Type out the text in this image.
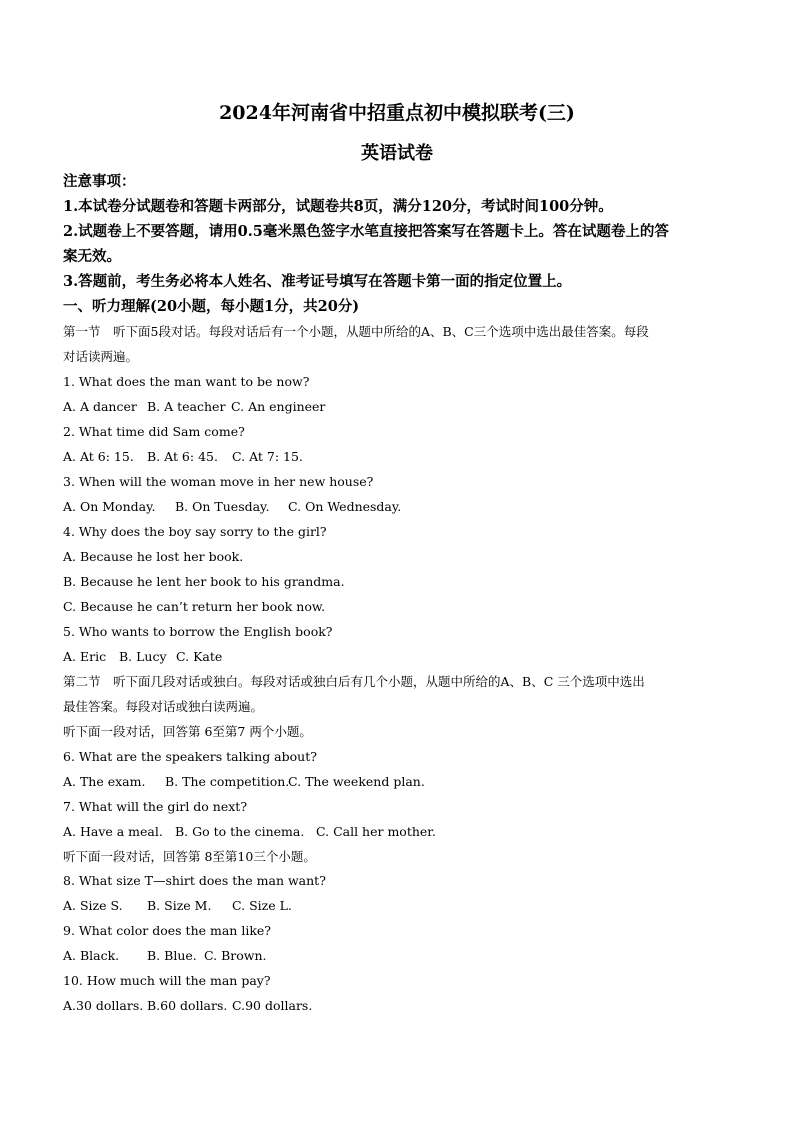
2024年河南省中招重点初中模拟联考(三)
英语试卷
注意事项：
1.本试卷分试题卷和答题卡两部分，试题卷共8页，满分120分，考试时间100分钟。
2.试题卷上不要答题，请用0.5毫米黑色签字水笔直接把答案写在答题卡上。答在试题卷上的答
案无效。
3.答题前，考生务必将本人姓名、准考证号填写在答题卡第一面的指定位置上。
一、听力理解(20小题，每小题1分，共20分)
第一节　听下面5段对话。每段对话后有一个小题，从题中所给的A、B、C三个选项中选出最佳答案。每段
对话读两遍。
1. What does the man want to be now?
A. A dancer B. A teacher C. An engineer
2. What time did Sam come?
A. At 6: 15. B. At 6: 45. C. At 7: 15.
3. When will the woman move in her new house?
A. On Monday. B. On Tuesday. C. On Wednesday.
4. Why does the boy say sorry to the girl?
A. Because he lost her book.
B. Because he lent her book to his grandma.
C. Because he can’t return her book now.
5. Who wants to borrow the English book?
A. Eric B. Lucy C. Kate
第二节　听下面几段对话或独白。每段对话或独白后有几个小题，从题中所给的A、B、C 三个选项中选出
最佳答案。每段对话或独白读两遍。
听下面一段对话，回答第 6至第7 两个小题。
6. What are the speakers talking about?
A. The exam. B. The competition.C. The weekend plan.
7. What will the girl do next?
A. Have a meal. B. Go to the cinema. C. Call her mother.
听下面一段对话，回答第 8至第10三个小题。
8. What size T—shirt does the man want?
A. Size S. B. Size M. C. Size L.
9. What color does the man like?
A. Black. B. Blue. C. Brown.
10. How much will the man pay?
A.30 dollars. B.60 dollars. C.90 dollars.
